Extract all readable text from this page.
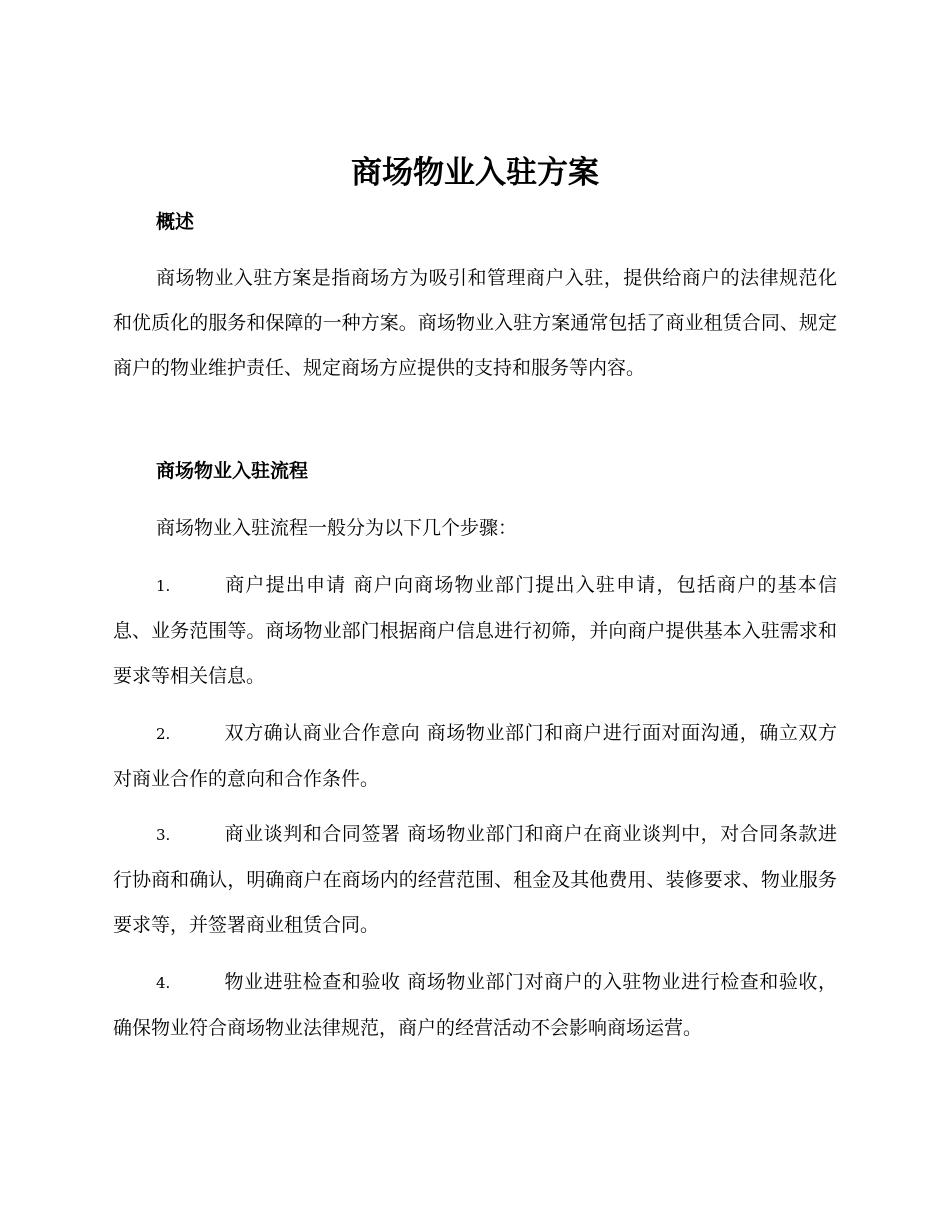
商场物业入驻方案
概述

商场物业入驻方案是指商场方为吸引和管理商户入驻，提供给商户的法律规范化和优质化的服务和保障的一种方案。商场物业入驻方案通常包括了商业租赁合同、规定商户的物业维护责任、规定商场方应提供的支持和服务等内容。

商场物业入驻流程

商场物业入驻流程一般分为以下几个步骤：

1.	商户提出申请 商户向商场物业部门提出入驻申请，包括商户的基本信息、业务范围等。商场物业部门根据商户信息进行初筛，并向商户提供基本入驻需求和要求等相关信息。

2.	双方确认商业合作意向 商场物业部门和商户进行面对面沟通，确立双方对商业合作的意向和合作条件。

3.	商业谈判和合同签署 商场物业部门和商户在商业谈判中，对合同条款进行协商和确认，明确商户在商场内的经营范围、租金及其他费用、装修要求、物业服务要求等，并签署商业租赁合同。

4.	物业进驻检查和验收 商场物业部门对商户的入驻物业进行检查和验收，确保物业符合商场物业法律规范，商户的经营活动不会影响商场运营。
